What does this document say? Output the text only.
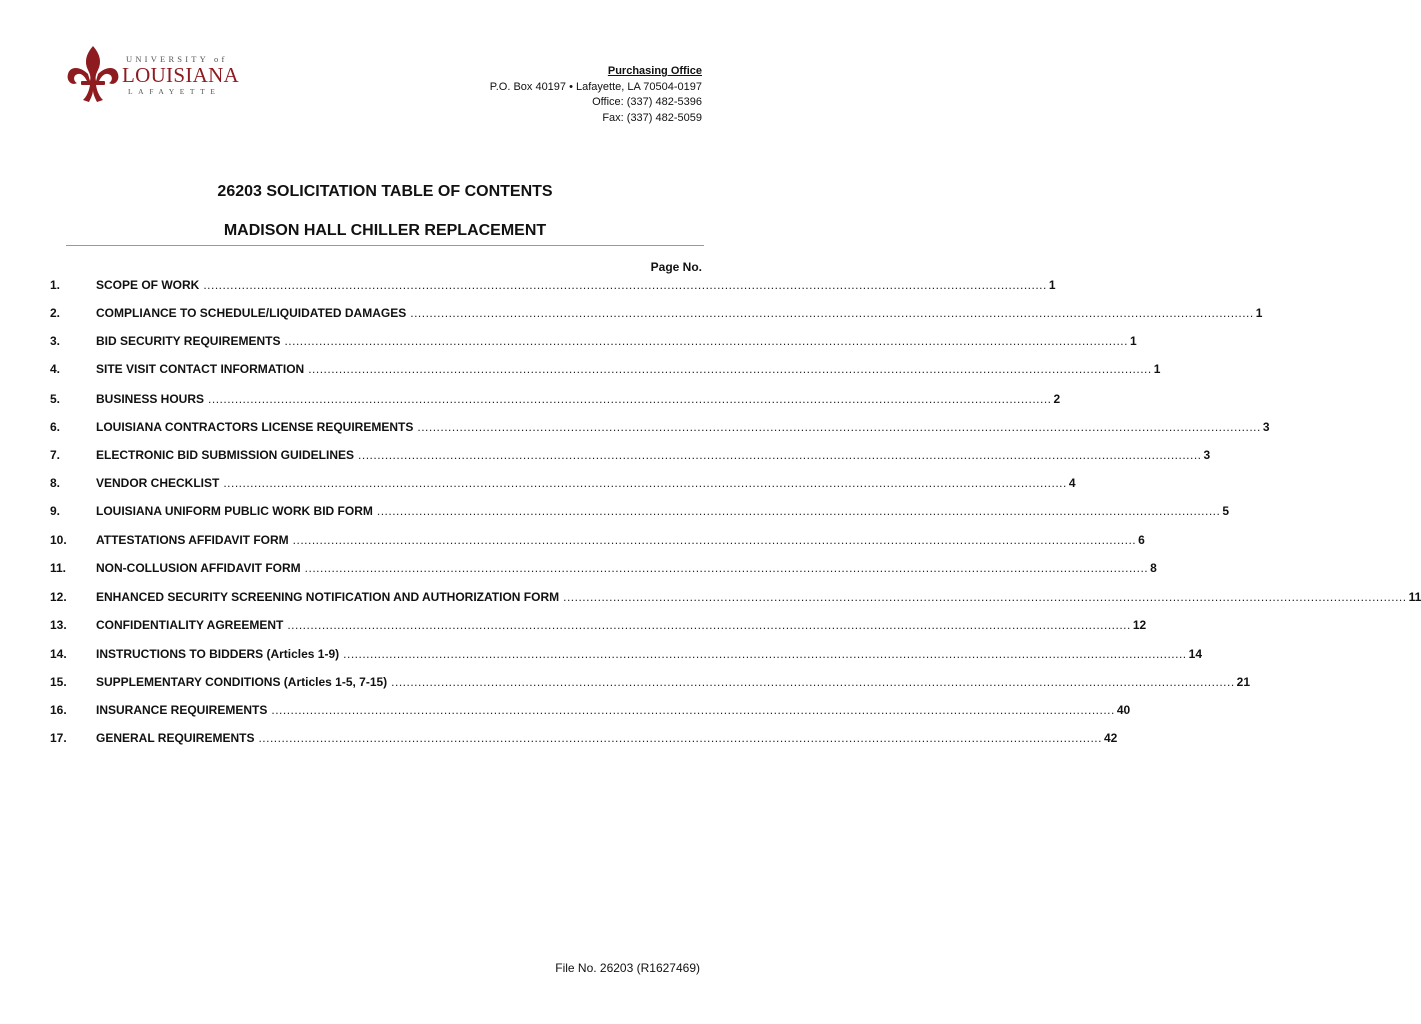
UNIVERSITY of
LOUISIANA
LAFAYETTE
Purchasing Office
P.O. Box 40197 • Lafayette, LA 70504-0197
Office: (337) 482-5396
Fax: (337) 482-5059
26203 SOLICITATION TABLE OF CONTENTS
MADISON HALL CHILLER REPLACEMENT
Page No.
1.	SCOPE OF WORK ............................................................................................................................................................................................................................ 1
2.	COMPLIANCE TO SCHEDULE/LIQUIDATED DAMAGES ............................................................................................................................................................................................................................ 1
3.	BID SECURITY REQUIREMENTS ............................................................................................................................................................................................................................ 1
4.	SITE VISIT CONTACT INFORMATION ............................................................................................................................................................................................................................ 1
5.	BUSINESS HOURS ............................................................................................................................................................................................................................ 2
6.	LOUISIANA CONTRACTORS LICENSE REQUIREMENTS ............................................................................................................................................................................................................................ 3
7.	ELECTRONIC BID SUBMISSION GUIDELINES ............................................................................................................................................................................................................................ 3
8.	VENDOR CHECKLIST ............................................................................................................................................................................................................................ 4
9.	LOUISIANA UNIFORM PUBLIC WORK BID FORM ............................................................................................................................................................................................................................ 5
10.	ATTESTATIONS AFFIDAVIT FORM ............................................................................................................................................................................................................................ 6
11.	NON-COLLUSION AFFIDAVIT FORM ............................................................................................................................................................................................................................ 8
12.	ENHANCED SECURITY SCREENING NOTIFICATION AND AUTHORIZATION FORM ............................................................................................................................................................................................................................ 11
13.	CONFIDENTIALITY AGREEMENT ............................................................................................................................................................................................................................ 12
14.	INSTRUCTIONS TO BIDDERS (Articles 1-9) ............................................................................................................................................................................................................................ 14
15.	SUPPLEMENTARY CONDITIONS (Articles 1-5, 7-15) ............................................................................................................................................................................................................................ 21
16.	INSURANCE REQUIREMENTS ............................................................................................................................................................................................................................ 40
17.	GENERAL REQUIREMENTS ............................................................................................................................................................................................................................ 42
File No. 26203 (R1627469)
